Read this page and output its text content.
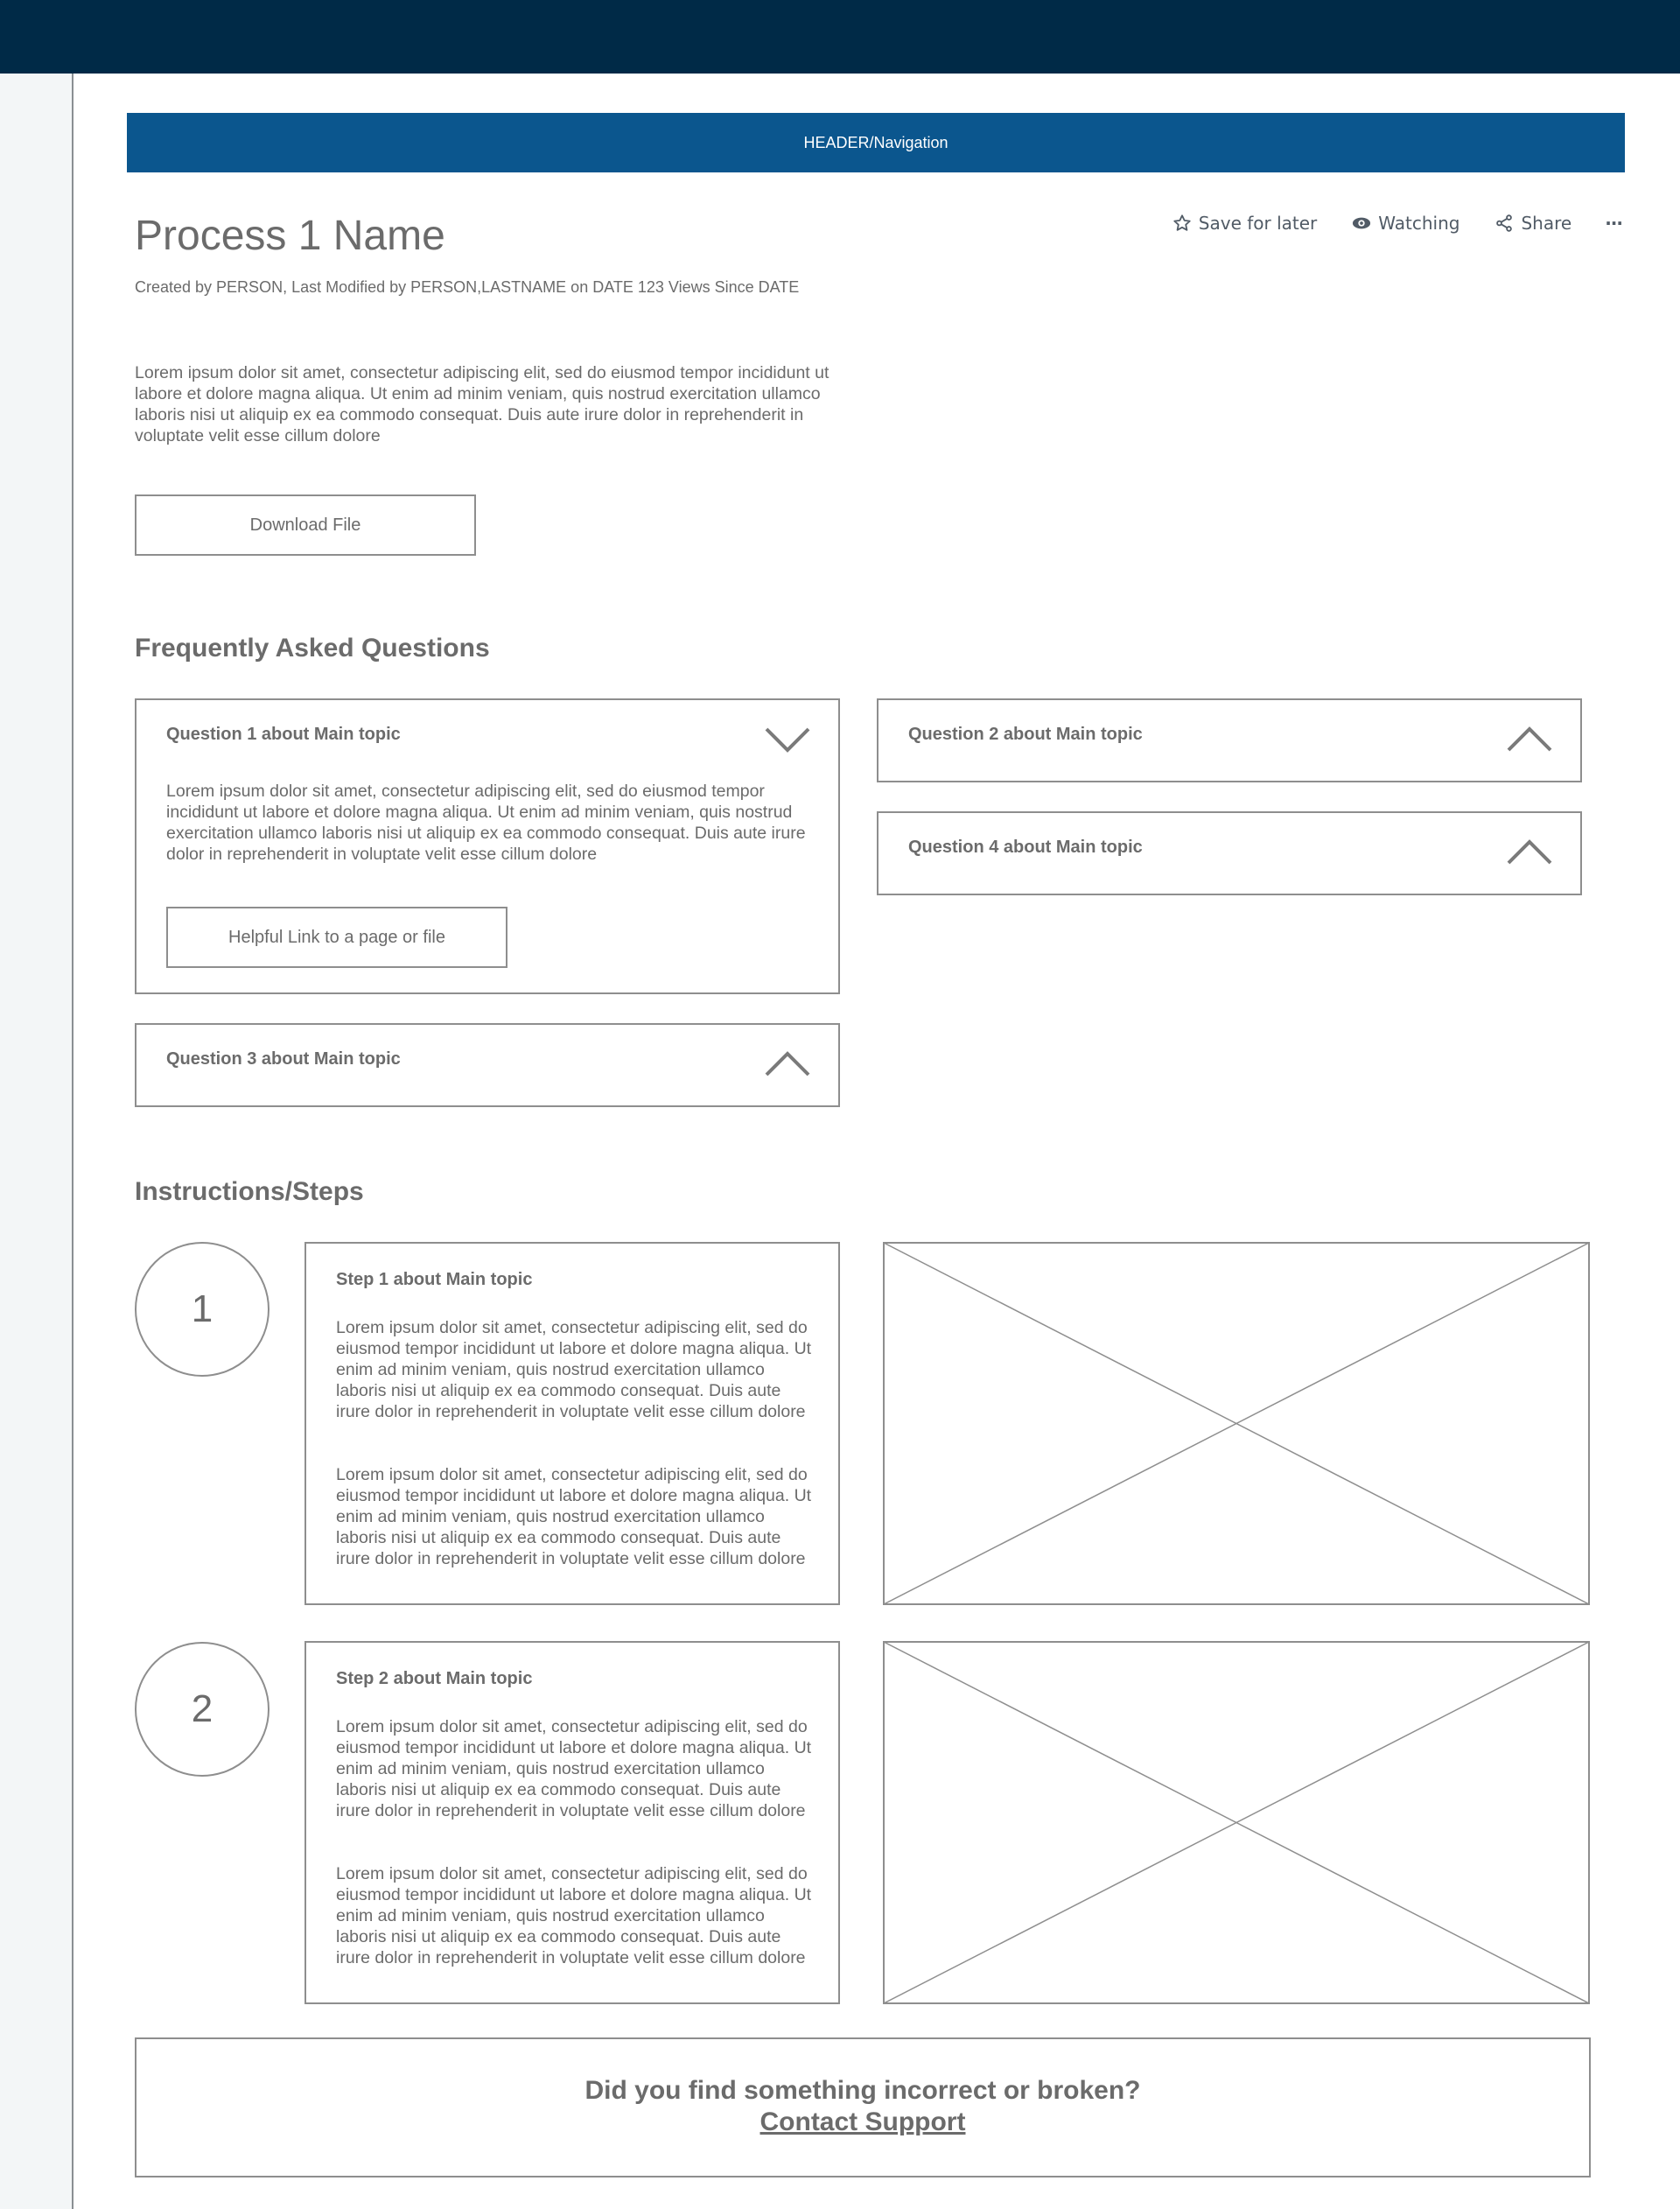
HEADER/Navigation
Process 1 Name
Created by PERSON, Last Modified by PERSON,LASTNAME on DATE 123 Views Since DATE
Save for later	Watching	Share ···
Lorem ipsum dolor sit amet, consectetur adipiscing elit, sed do eiusmod tempor incididunt ut labore et dolore magna aliqua. Ut enim ad minim veniam, quis nostrud exercitation ullamco laboris nisi ut aliquip ex ea commodo consequat. Duis aute irure dolor in reprehenderit in voluptate velit esse cillum dolore
Download File
Frequently Asked Questions
Question 1 about Main topic
Lorem ipsum dolor sit amet, consectetur adipiscing elit, sed do eiusmod tempor incididunt ut labore et dolore magna aliqua. Ut enim ad minim veniam, quis nostrud exercitation ullamco laboris nisi ut aliquip ex ea commodo consequat. Duis aute irure dolor in reprehenderit in voluptate velit esse cillum dolore
Helpful Link to a page or file
Question 2 about Main topic
Question 4 about Main topic
Question 3 about Main topic
Instructions/Steps
1
Step 1 about Main topic
Lorem ipsum dolor sit amet, consectetur adipiscing elit, sed do eiusmod tempor incididunt ut labore et dolore magna aliqua. Ut enim ad minim veniam, quis nostrud exercitation ullamco laboris nisi ut aliquip ex ea commodo consequat. Duis aute irure dolor in reprehenderit in voluptate velit esse cillum dolore
Lorem ipsum dolor sit amet, consectetur adipiscing elit, sed do eiusmod tempor incididunt ut labore et dolore magna aliqua. Ut enim ad minim veniam, quis nostrud exercitation ullamco laboris nisi ut aliquip ex ea commodo consequat. Duis aute irure dolor in reprehenderit in voluptate velit esse cillum dolore
2
Step 2 about Main topic
Lorem ipsum dolor sit amet, consectetur adipiscing elit, sed do eiusmod tempor incididunt ut labore et dolore magna aliqua. Ut enim ad minim veniam, quis nostrud exercitation ullamco laboris nisi ut aliquip ex ea commodo consequat. Duis aute irure dolor in reprehenderit in voluptate velit esse cillum dolore
Lorem ipsum dolor sit amet, consectetur adipiscing elit, sed do eiusmod tempor incididunt ut labore et dolore magna aliqua. Ut enim ad minim veniam, quis nostrud exercitation ullamco laboris nisi ut aliquip ex ea commodo consequat. Duis aute irure dolor in reprehenderit in voluptate velit esse cillum dolore
Did you find something incorrect or broken?
Contact Support
